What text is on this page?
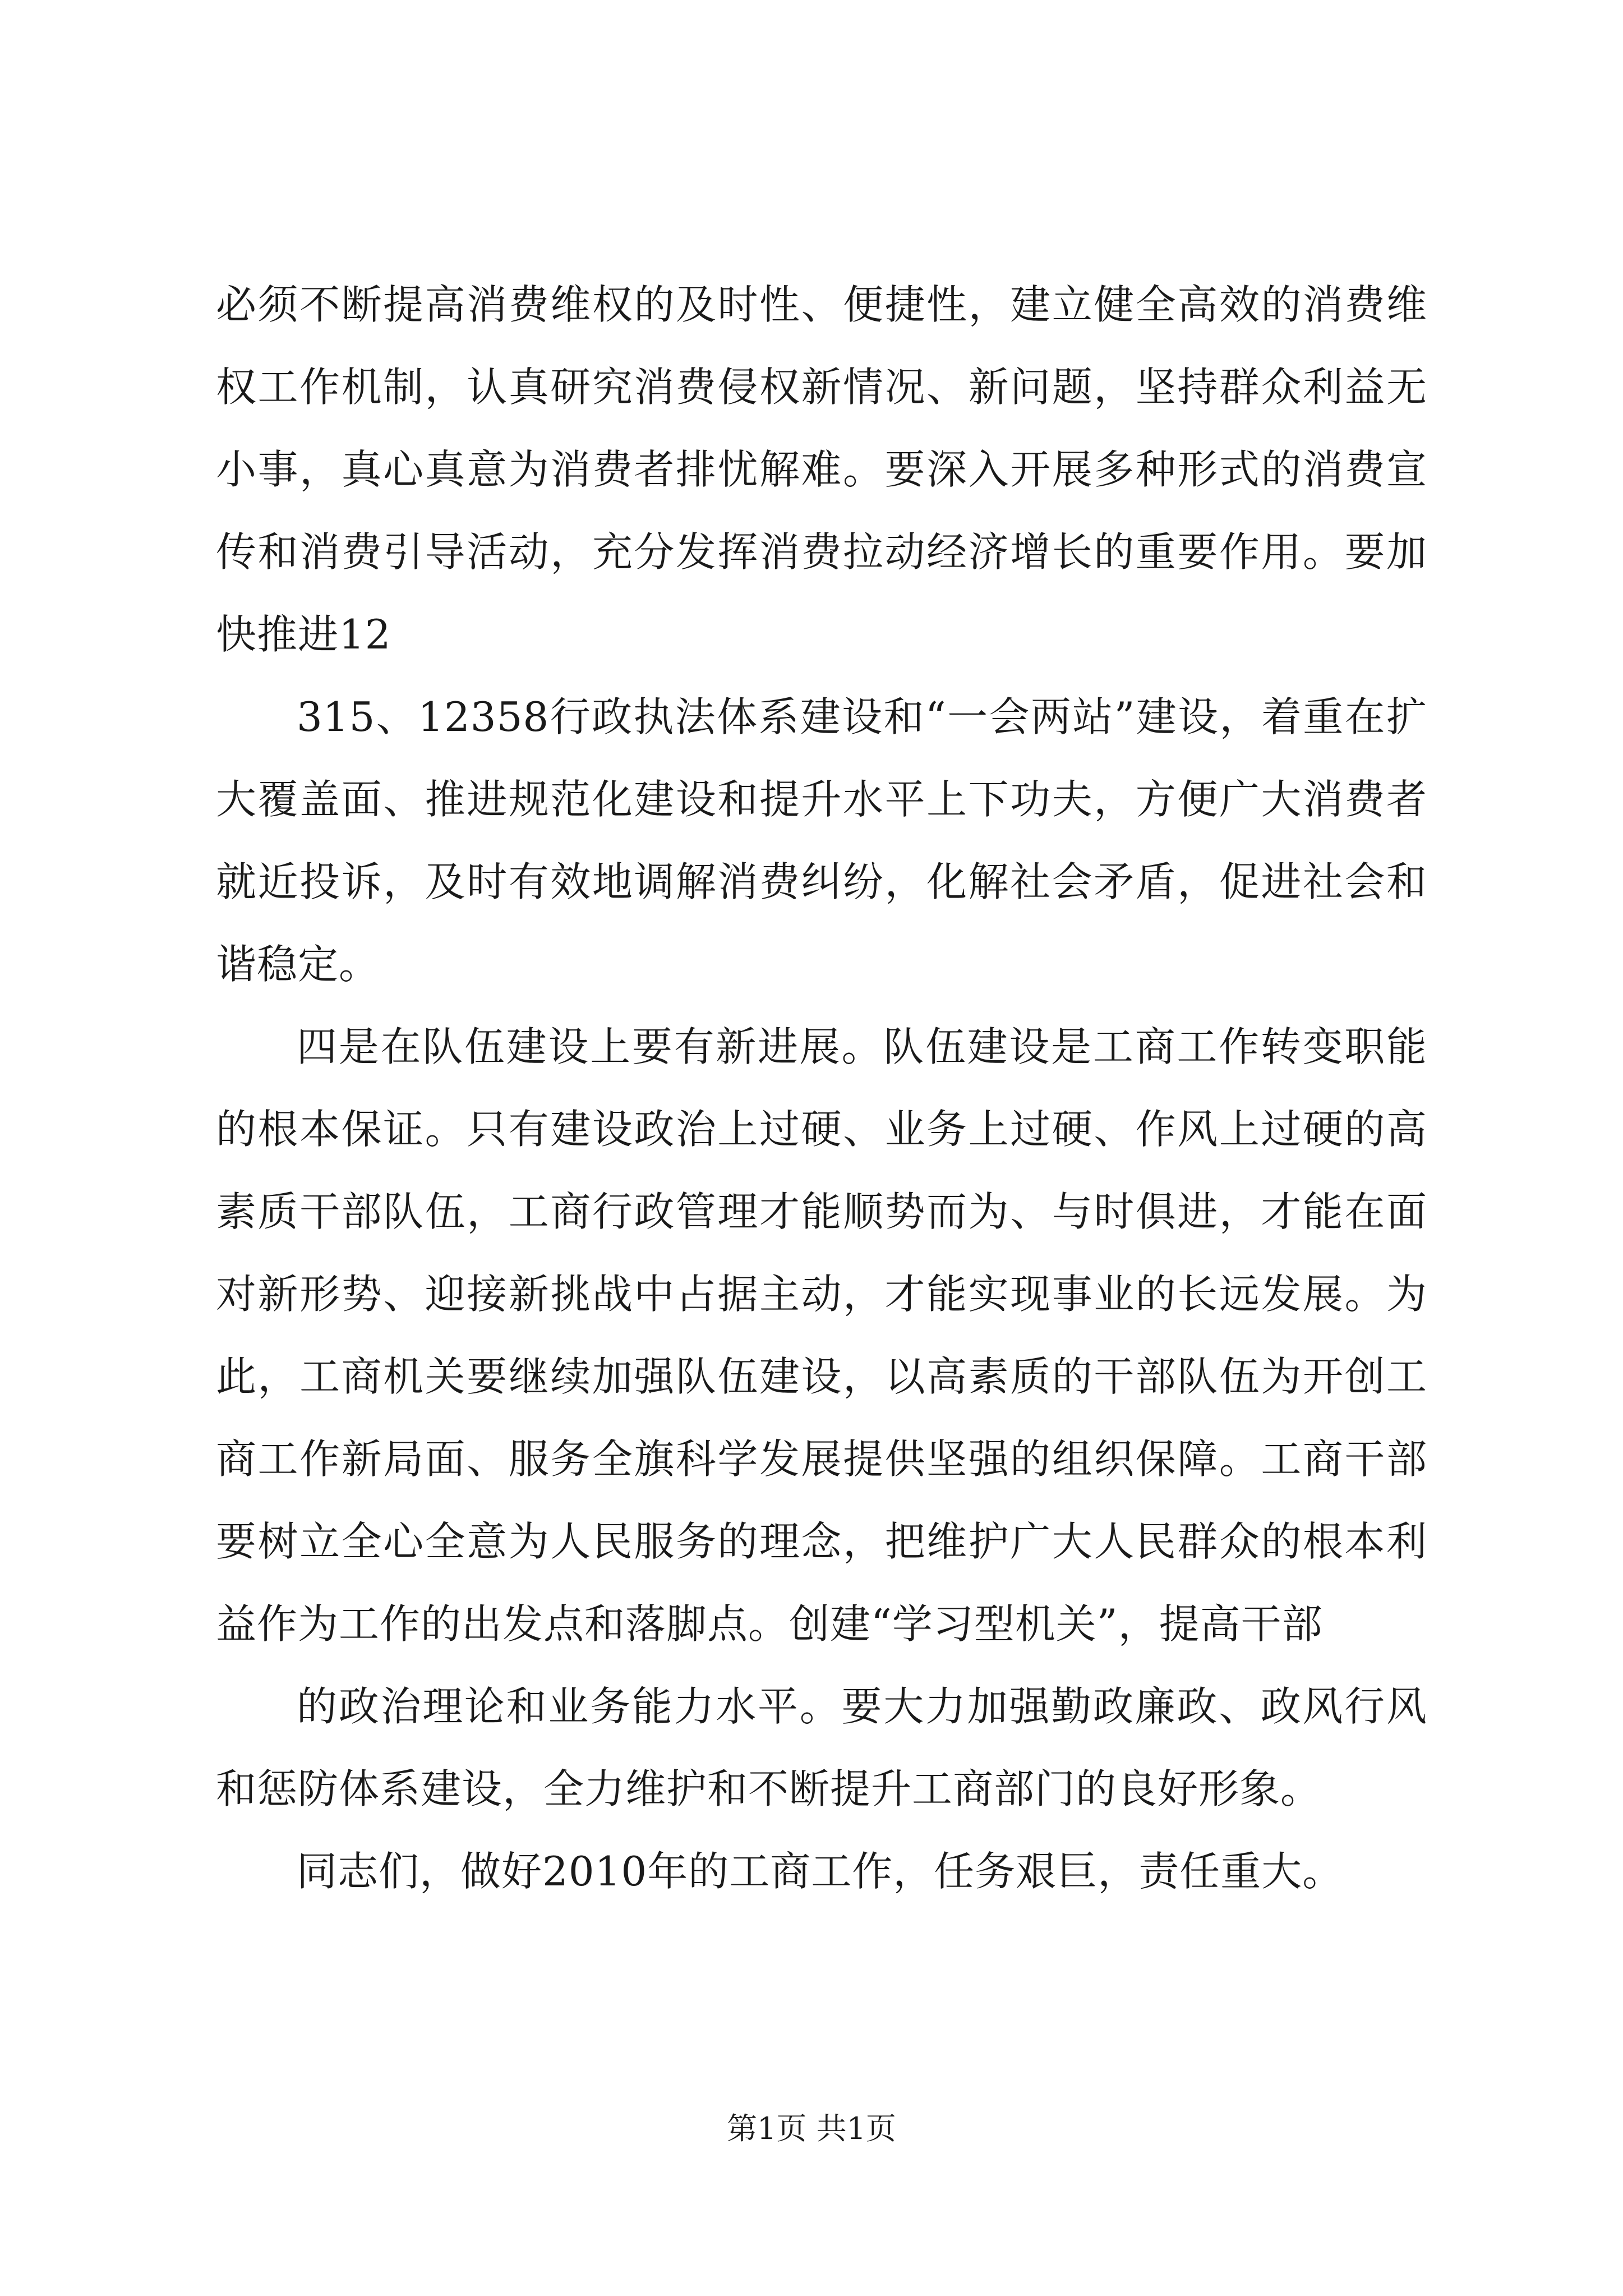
必须不断提高消费维权的及时性、便捷性，建立健全高效的消费维权工作机制，认真研究消费侵权新情况、新问题，坚持群众利益无小事，真心真意为消费者排忧解难。要深入开展多种形式的消费宣传和消费引导活动，充分发挥消费拉动经济增长的重要作用。要加快推进12

315、12358行政执法体系建设和“一会两站”建设，着重在扩大覆盖面、推进规范化建设和提升水平上下功夫，方便广大消费者就近投诉，及时有效地调解消费纠纷，化解社会矛盾，促进社会和谐稳定。

四是在队伍建设上要有新进展。队伍建设是工商工作转变职能的根本保证。只有建设政治上过硬、业务上过硬、作风上过硬的高素质干部队伍，工商行政管理才能顺势而为、与时俱进，才能在面对新形势、迎接新挑战中占据主动，才能实现事业的长远发展。为此，工商机关要继续加强队伍建设，以高素质的干部队伍为开创工商工作新局面、服务全旗科学发展提供坚强的组织保障。工商干部要树立全心全意为人民服务的理念，把维护广大人民群众的根本利益作为工作的出发点和落脚点。创建“学习型机关”，提高干部

的政治理论和业务能力水平。要大力加强勤政廉政、政风行风和惩防体系建设，全力维护和不断提升工商部门的良好形象。

同志们，做好2010年的工商工作，任务艰巨，责任重大。

第1页 共1页
